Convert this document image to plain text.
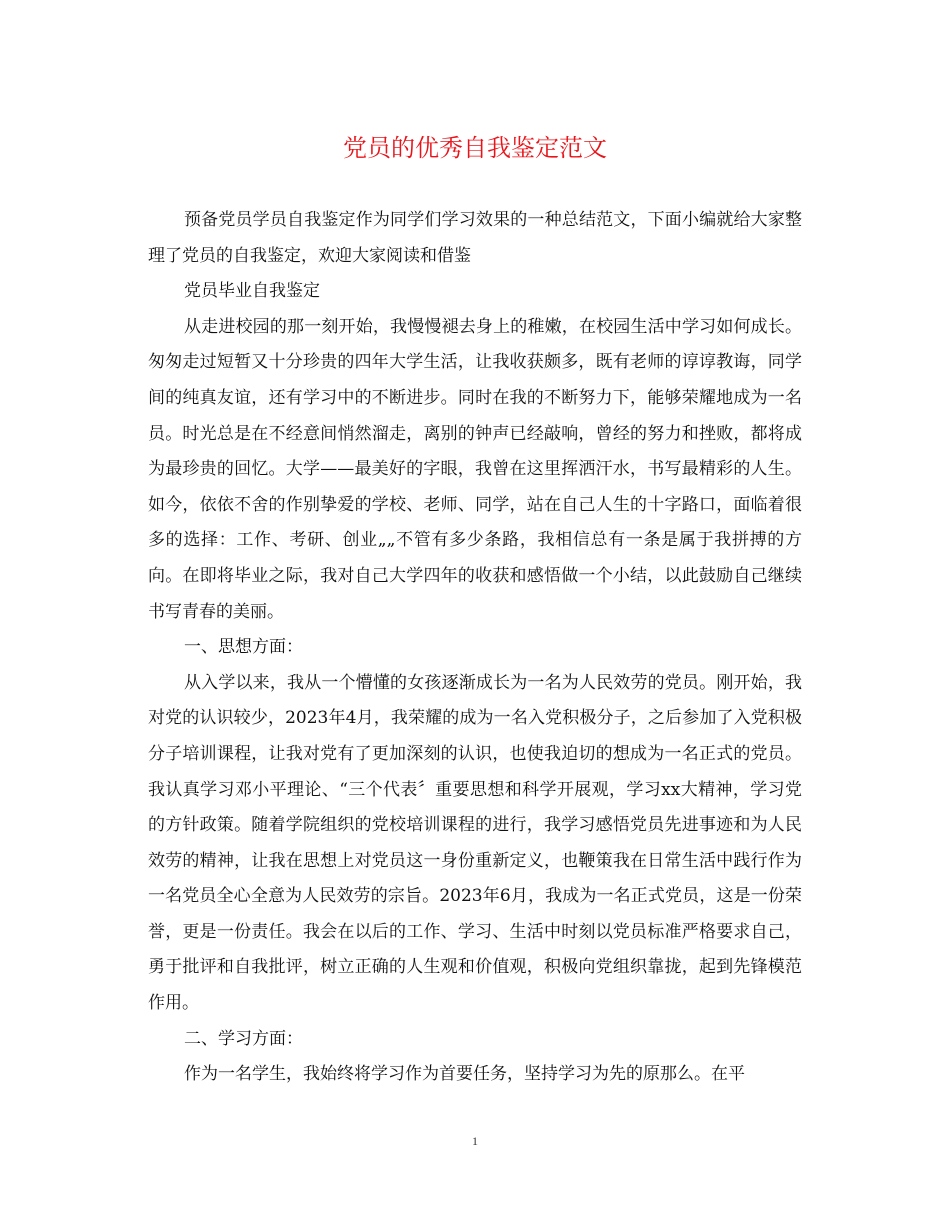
党员的优秀自我鉴定范文

预备党员学员自我鉴定作为同学们学习效果的一种总结范文，下面小编就给大家整理了党员的自我鉴定，欢迎大家阅读和借鉴

党员毕业自我鉴定

从走进校园的那一刻开始，我慢慢褪去身上的稚嫩，在校园生活中学习如何成长。匆匆走过短暂又十分珍贵的四年大学生活，让我收获颇多，既有老师的谆谆教诲，同学间的纯真友谊，还有学习中的不断进步。同时在我的不断努力下，能够荣耀地成为一名员。时光总是在不经意间悄然溜走，离别的钟声已经敲响，曾经的努力和挫败，都将成为最珍贵的回忆。大学——最美好的字眼，我曾在这里挥洒汗水，书写最精彩的人生。如今，依依不舍的作别挚爱的学校、老师、同学，站在自己人生的十字路口，面临着很多的选择：工作、考研、创业„„不管有多少条路，我相信总有一条是属于我拼搏的方向。在即将毕业之际，我对自己大学四年的收获和感悟做一个小结，以此鼓励自己继续书写青春的美丽。

一、思想方面：

从入学以来，我从一个懵懂的女孩逐渐成长为一名为人民效劳的党员。刚开始，我对党的认识较少，2023年4月，我荣耀的成为一名入党积极分子，之后参加了入党积极分子培训课程，让我对党有了更加深刻的认识，也使我迫切的想成为一名正式的党员。我认真学习邓小平理论、“三个代表〞重要思想和科学开展观，学习xx大精神，学习党的方针政策。随着学院组织的党校培训课程的进行，我学习感悟党员先进事迹和为人民效劳的精神，让我在思想上对党员这一身份重新定义，也鞭策我在日常生活中践行作为一名党员全心全意为人民效劳的宗旨。2023年6月，我成为一名正式党员，这是一份荣誉，更是一份责任。我会在以后的工作、学习、生活中时刻以党员标准严格要求自己，勇于批评和自我批评，树立正确的人生观和价值观，积极向党组织靠拢，起到先锋模范作用。

二、学习方面：

作为一名学生，我始终将学习作为首要任务，坚持学习为先的原那么。在平

1
